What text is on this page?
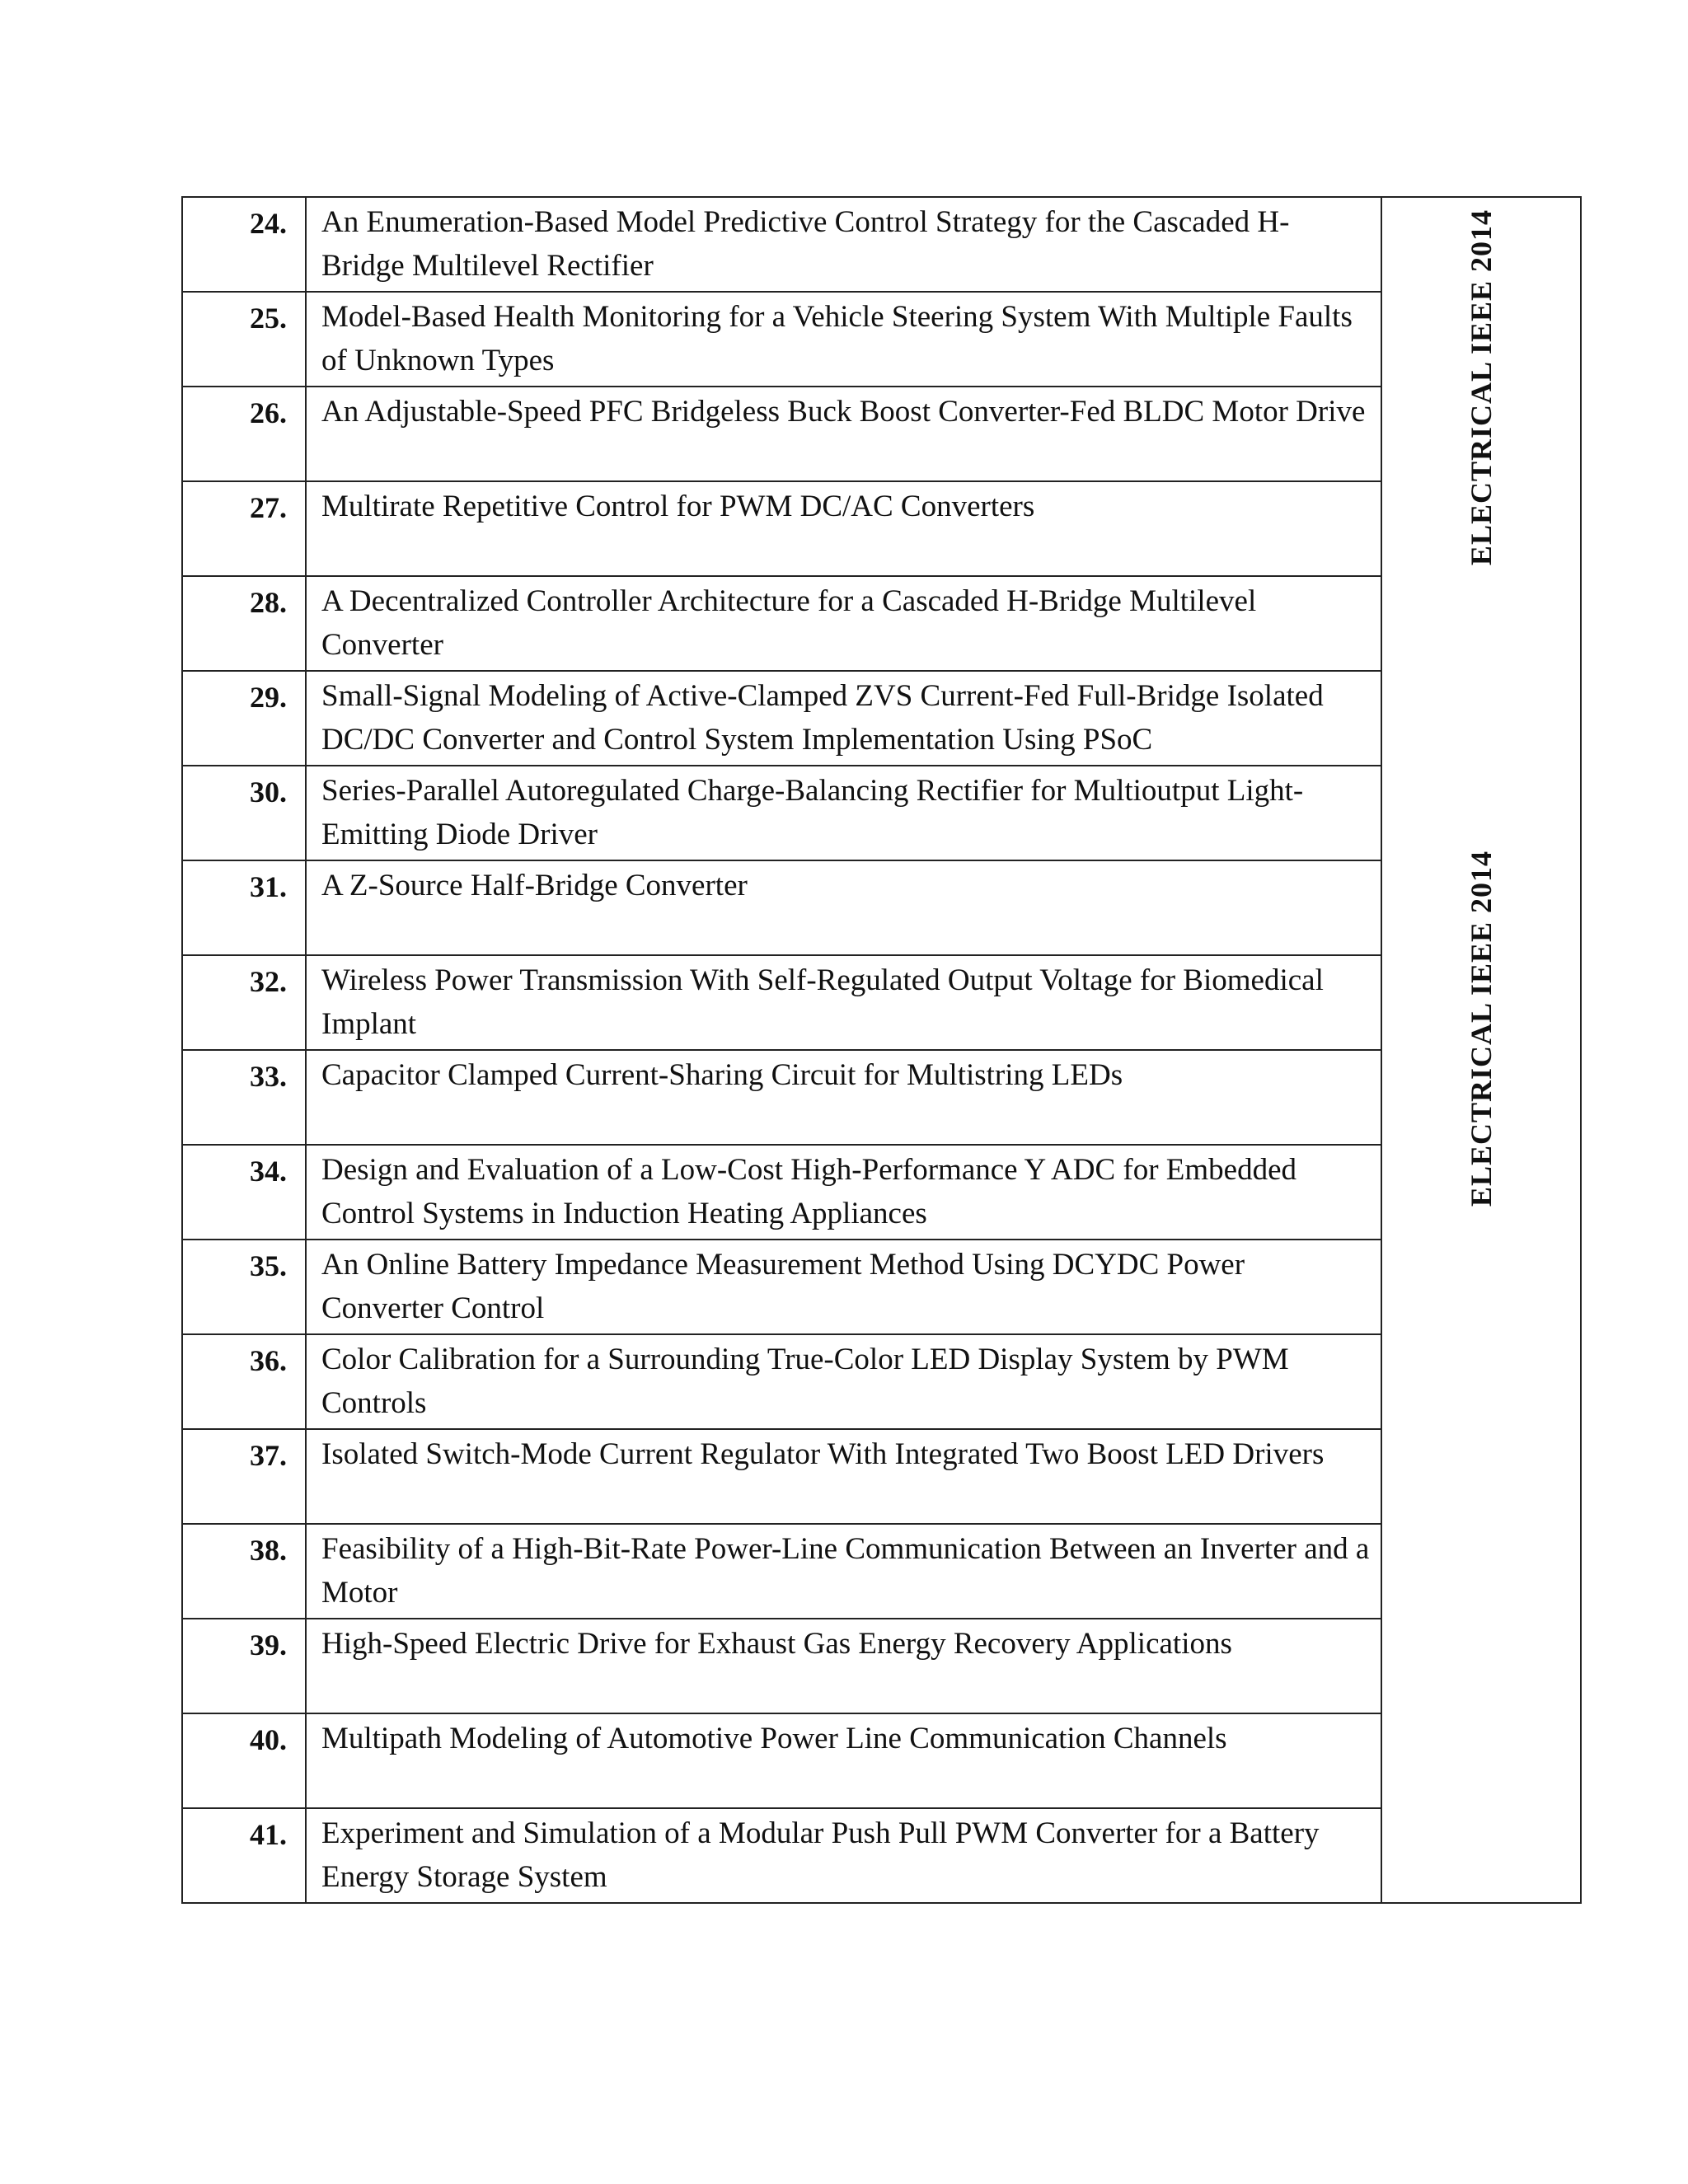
24.	An Enumeration-Based Model Predictive Control Strategy for the Cascaded H-Bridge Multilevel Rectifier	ELECTRICAL IEEE 2014
ELECTRICAL IEEE 2014

25.	Model-Based Health Monitoring for a Vehicle Steering System With Multiple Faults of Unknown Types	
26.	An Adjustable-Speed PFC Bridgeless Buck Boost Converter-Fed BLDC Motor Drive	
27.	Multirate Repetitive Control for PWM DC/AC Converters	
28.	A Decentralized Controller Architecture for a Cascaded H-Bridge Multilevel Converter	
29.	Small-Signal Modeling of Active-Clamped ZVS Current-Fed Full-Bridge Isolated DC/DC Converter and Control System Implementation Using PSoC	
30.	Series-Parallel Autoregulated Charge-Balancing Rectifier for Multioutput Light-Emitting Diode Driver	
31.	A Z-Source Half-Bridge Converter	
32.	Wireless Power Transmission With Self-Regulated Output Voltage for Biomedical Implant	
33.	Capacitor Clamped Current-Sharing Circuit for Multistring LEDs	
34.	Design and Evaluation of a Low-Cost High-Performance Y ADC for Embedded Control Systems in Induction Heating Appliances	
35.	An Online Battery Impedance Measurement Method Using DCYDC Power Converter Control	
36.	Color Calibration for a Surrounding True-Color LED Display System by PWM Controls	
37.	Isolated Switch-Mode Current Regulator With Integrated Two Boost LED Drivers	
38.	Feasibility of a High-Bit-Rate Power-Line Communication Between an Inverter and a Motor	
39.	High-Speed Electric Drive for Exhaust Gas Energy Recovery Applications	
40.	Multipath Modeling of Automotive Power Line Communication Channels	
41.	Experiment and Simulation of a Modular Push Pull PWM Converter for a Battery Energy Storage System	
